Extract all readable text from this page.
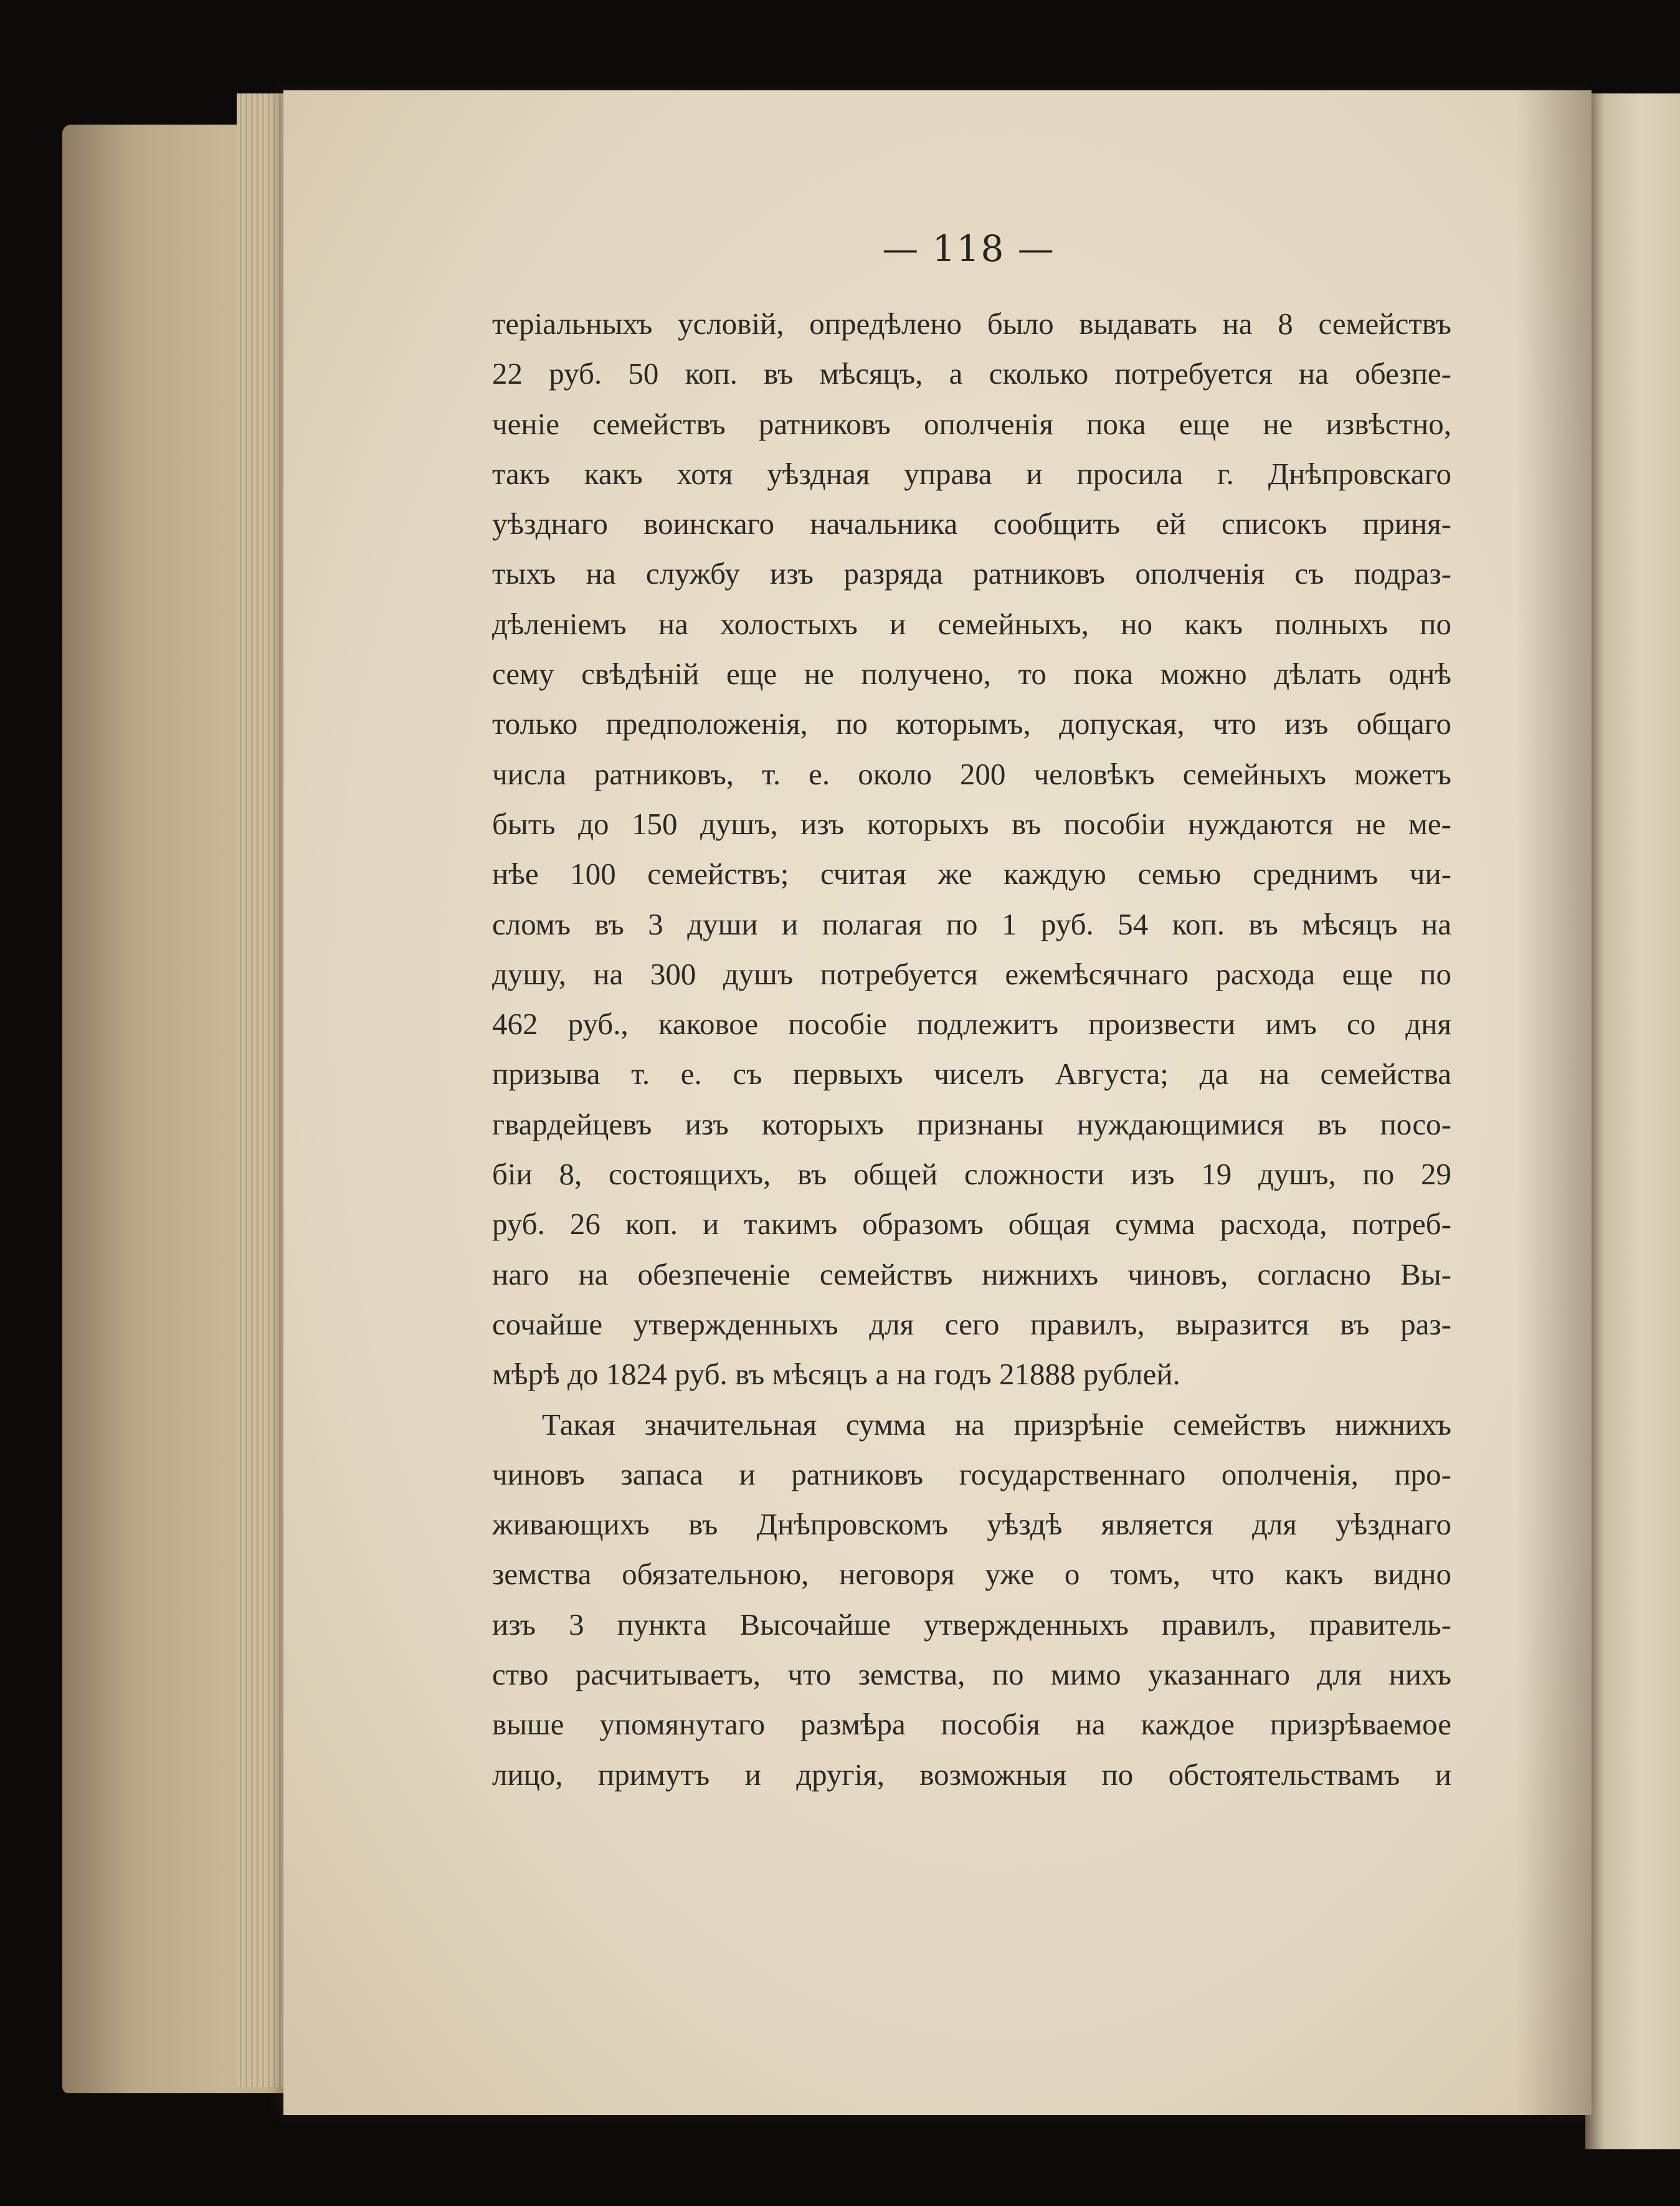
— 118 —
теріальныхъ условій, опредѣлено было выдавать на 8 семействъ
22 руб. 50 коп. въ мѣсяцъ, а сколько потребуется на обезпе-
ченіе семействъ ратниковъ ополченія пока еще не извѣстно,
такъ какъ хотя уѣздная управа и просила г. Днѣпровскаго
уѣзднаго воинскаго начальника сообщить ей списокъ приня-
тыхъ на службу изъ разряда ратниковъ ополченія съ подраз-
дѣленіемъ на холостыхъ и семейныхъ, но какъ полныхъ по
сему свѣдѣній еще не получено, то пока можно дѣлать однѣ
только предположенія, по которымъ, допуская, что изъ общаго
числа ратниковъ, т. е. около 200 человѣкъ семейныхъ можетъ
быть до 150 душъ, изъ которыхъ въ пособіи нуждаются не ме-
нѣе 100 семействъ; считая же каждую семью среднимъ чи-
сломъ въ 3 души и полагая по 1 руб. 54 коп. въ мѣсяцъ на
душу, на 300 душъ потребуется ежемѣсячнаго расхода еще по
462 руб., каковое пособіе подлежитъ произвести имъ со дня
призыва т. е. съ первыхъ чиселъ Августа; да на семейства
гвардейцевъ изъ которыхъ признаны нуждающимися въ посо-
біи 8, состоящихъ, въ общей сложности изъ 19 душъ, по 29
руб. 26 коп. и такимъ образомъ общая сумма расхода, потреб-
наго на обезпеченіе семействъ нижнихъ чиновъ, согласно Вы-
сочайше утвержденныхъ для сего правилъ, выразится въ раз-
мѣрѣ до 1824 руб. въ мѣсяцъ а на годъ 21888 рублей.
Такая значительная сумма на призрѣніе семействъ нижнихъ
чиновъ запаса и ратниковъ государственнаго ополченія, про-
живающихъ въ Днѣпровскомъ уѣздѣ является для уѣзднаго
земства обязательною, неговоря уже о томъ, что какъ видно
изъ 3 пункта Высочайше утвержденныхъ правилъ, правитель-
ство расчитываетъ, что земства, по мимо указаннаго для нихъ
выше упомянутаго размѣра пособія на каждое призрѣваемое
лицо, примутъ и другія, возможныя по обстоятельствамъ и
